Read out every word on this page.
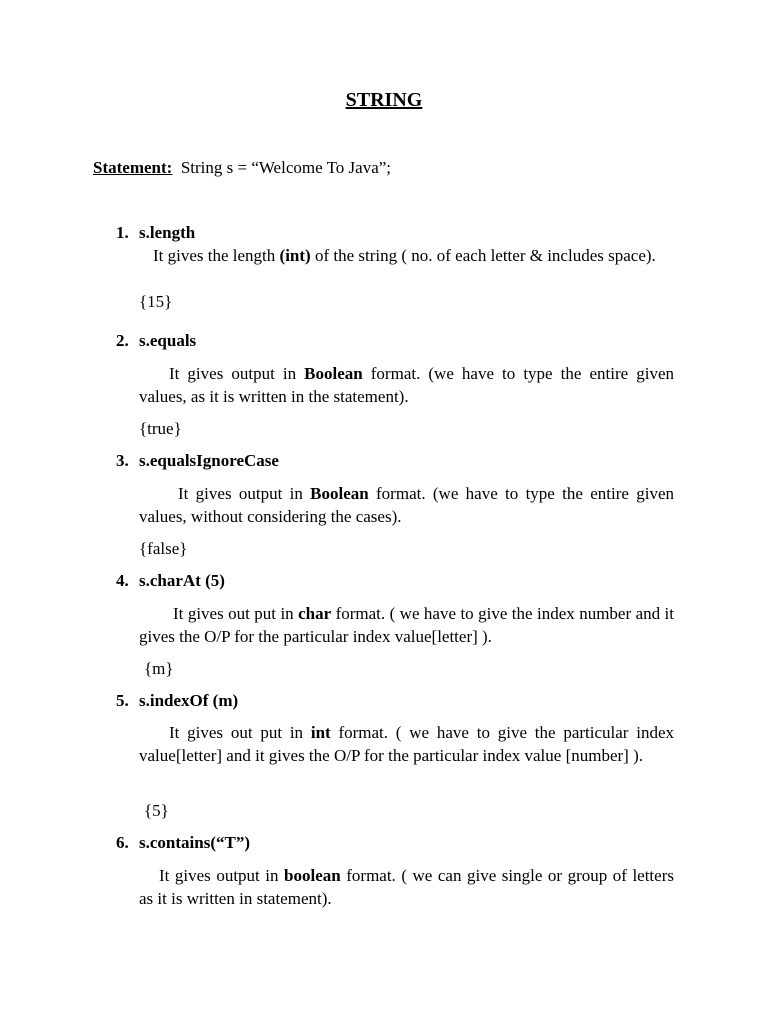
STRING
Statement: String s = “Welcome To Java”;
1. s.length
It gives the length (int) of the string ( no. of each letter & includes space).
{15}
2. s.equals
It gives output in Boolean format. (we have to type the entire given values, as it is written in the statement).
{true}
3. s.equalsIgnoreCase
It gives output in Boolean format. (we have to type the entire given values, without considering the cases).
{false}
4. s.charAt (5)
It gives out put in char format. ( we have to give the index number and it gives the O/P for the particular index value[letter] ).
{m}
5. s.indexOf (m)
It gives out put in int format. ( we have to give the particular index value[letter] and it gives the O/P for the particular index value [number] ).
{5}
6. s.contains(“T”)
It gives output in boolean format. ( we can give single or group of letters as it is written in statement).
